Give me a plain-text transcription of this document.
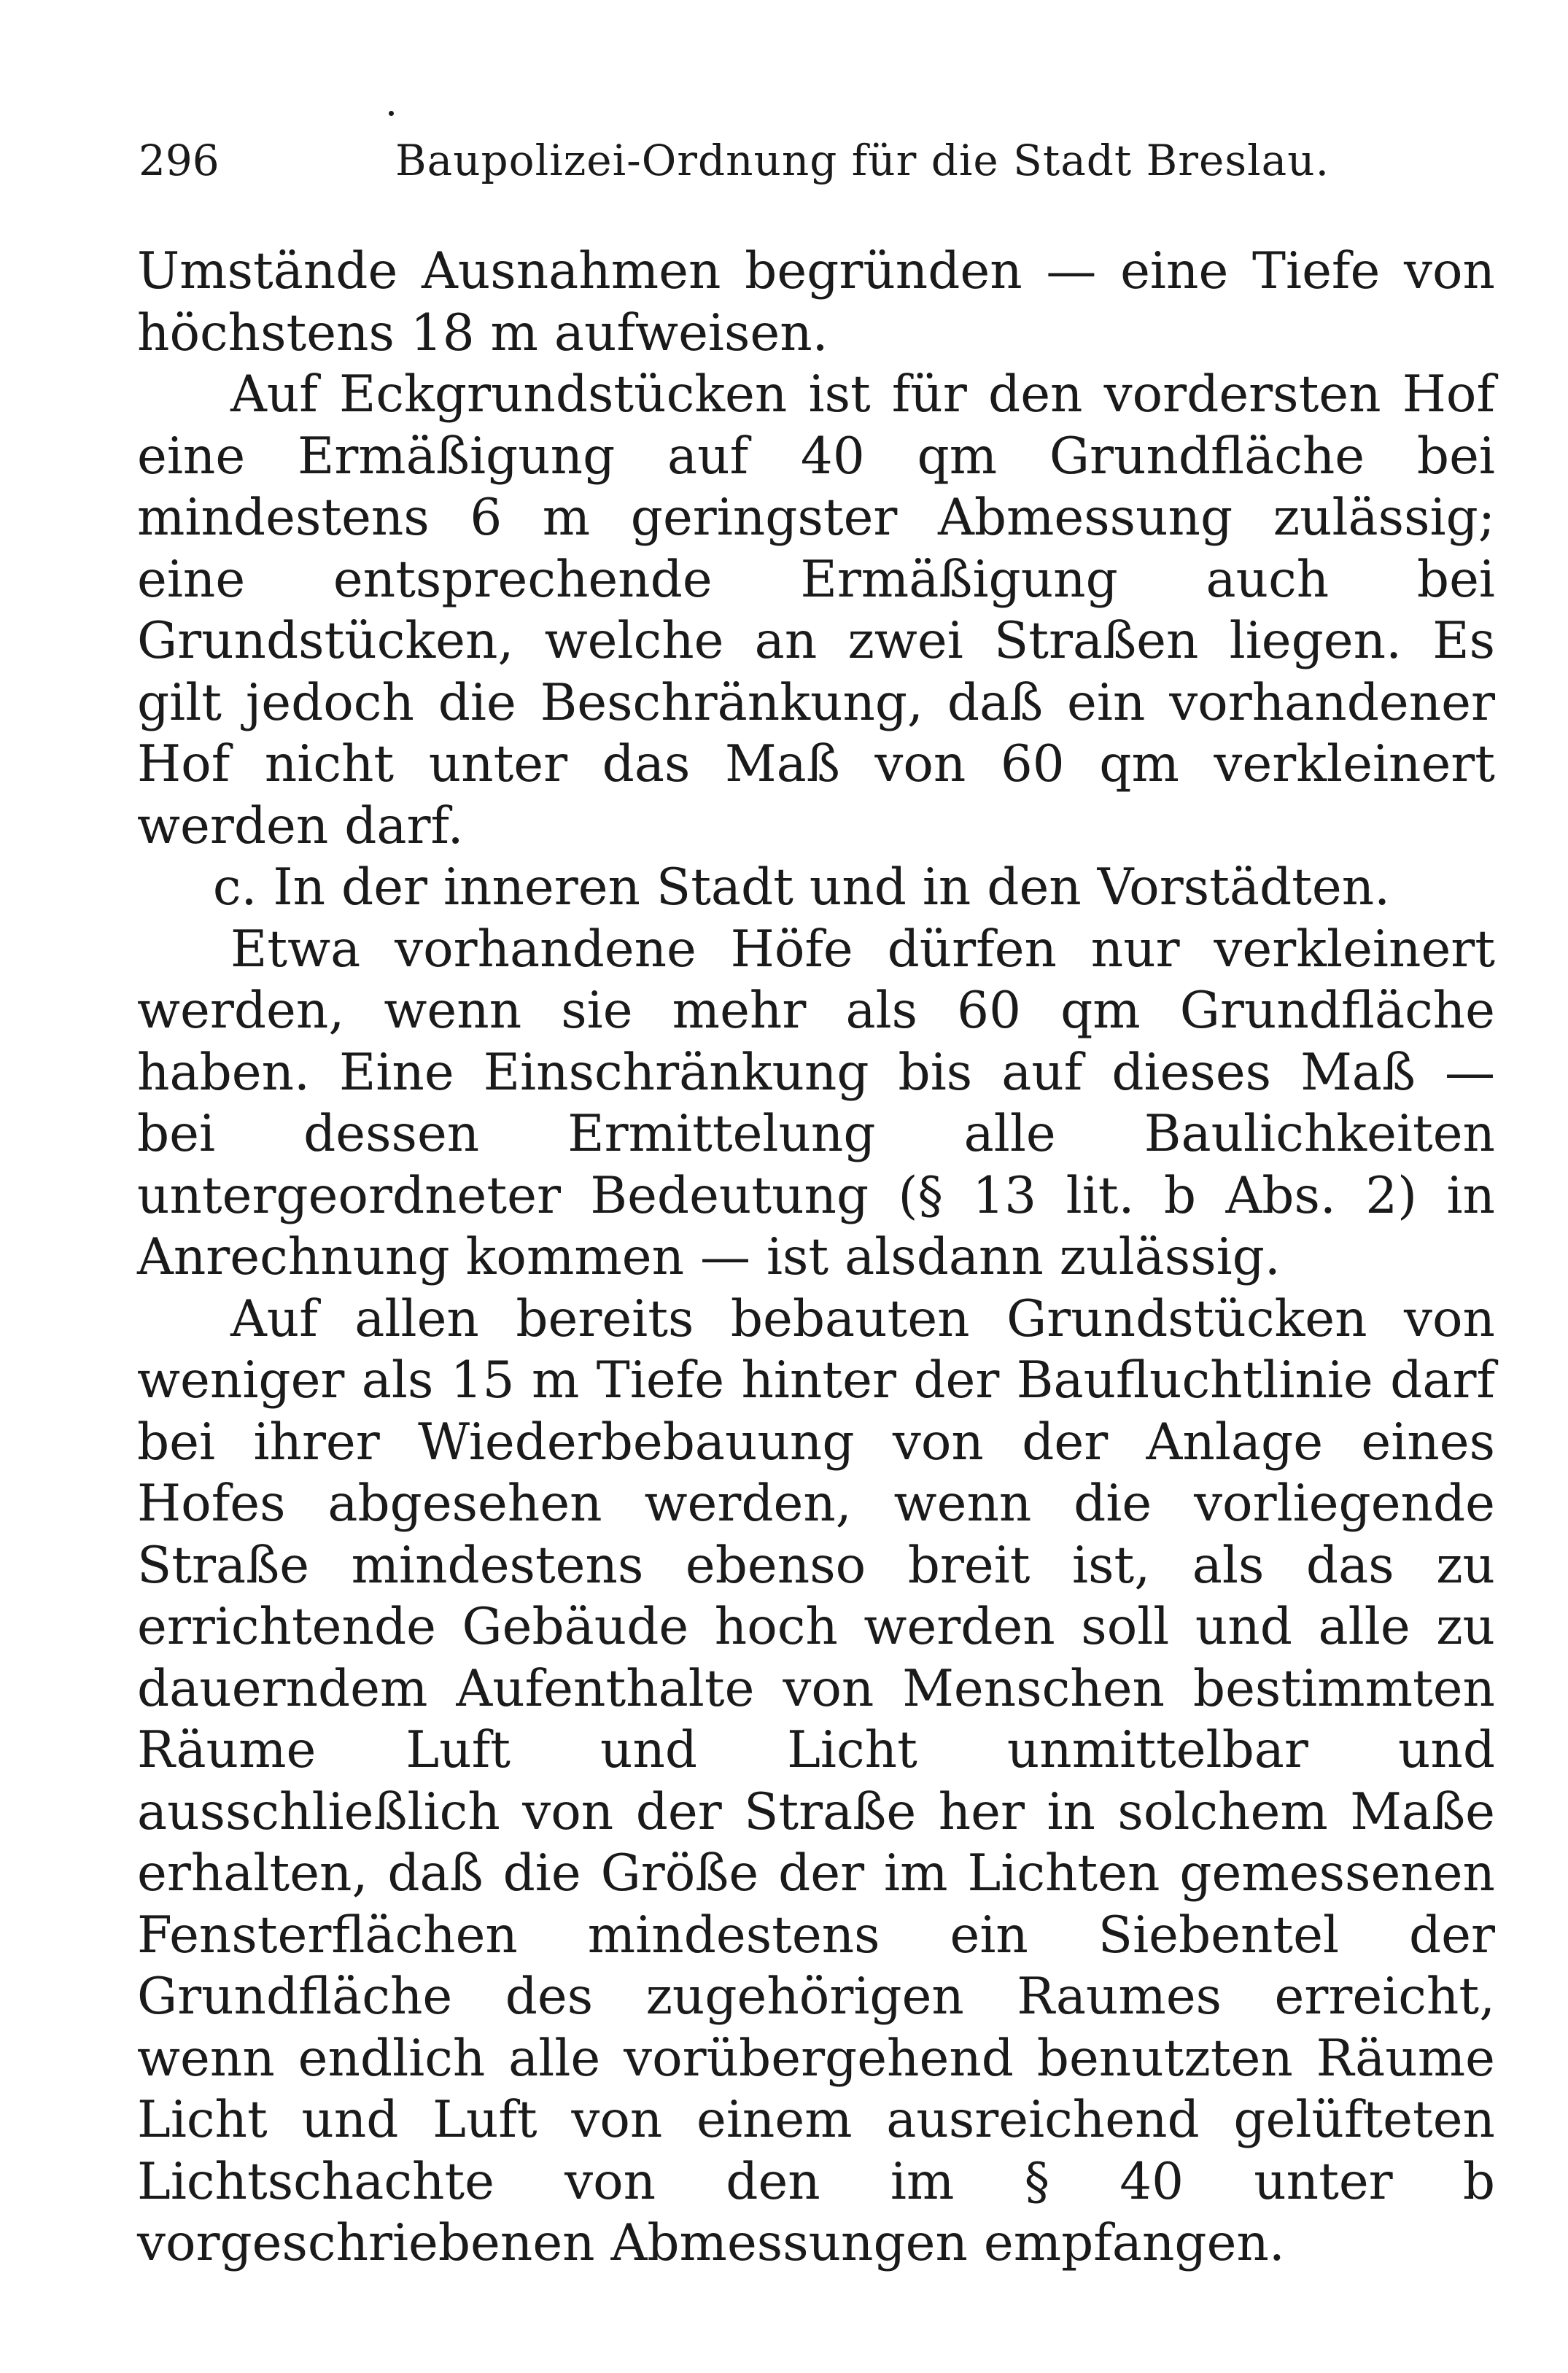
296	Baupolizei-Ordnung für die Stadt Breslau.

Umstände Ausnahmen begründen — eine Tiefe von höchstens 18 m aufweisen.

Auf Eckgrundstücken ist für den vordersten Hof eine Ermäßigung auf 40 qm Grundfläche bei mindestens 6 m geringster Abmessung zulässig; eine entsprechende Ermäßigung auch bei Grundstücken, welche an zwei Straßen liegen. Es gilt jedoch die Beschränkung, daß ein vorhandener Hof nicht unter das Maß von 60 qm verkleinert werden darf.

c. In der inneren Stadt und in den Vorstädten.

Etwa vorhandene Höfe dürfen nur verkleinert werden, wenn sie mehr als 60 qm Grundfläche haben. Eine Einschränkung bis auf dieses Maß — bei dessen Ermittelung alle Baulichkeiten untergeordneter Bedeutung (§ 13 lit. b Abs. 2) in Anrechnung kommen — ist alsdann zulässig.

Auf allen bereits bebauten Grundstücken von weniger als 15 m Tiefe hinter der Baufluchtlinie darf bei ihrer Wiederbebauung von der Anlage eines Hofes abgesehen werden, wenn die vorliegende Straße mindestens ebenso breit ist, als das zu errichtende Gebäude hoch werden soll und alle zu dauerndem Aufenthalte von Menschen bestimmten Räume Luft und Licht unmittelbar und ausschließlich von der Straße her in solchem Maße erhalten, daß die Größe der im Lichten gemessenen Fensterflächen mindestens ein Siebentel der Grundfläche des zugehörigen Raumes erreicht, wenn endlich alle vorübergehend benutzten Räume Licht und Luft von einem ausreichend gelüfteten Lichtschachte von den im § 40 unter b vorgeschriebenen Abmessungen empfangen.
